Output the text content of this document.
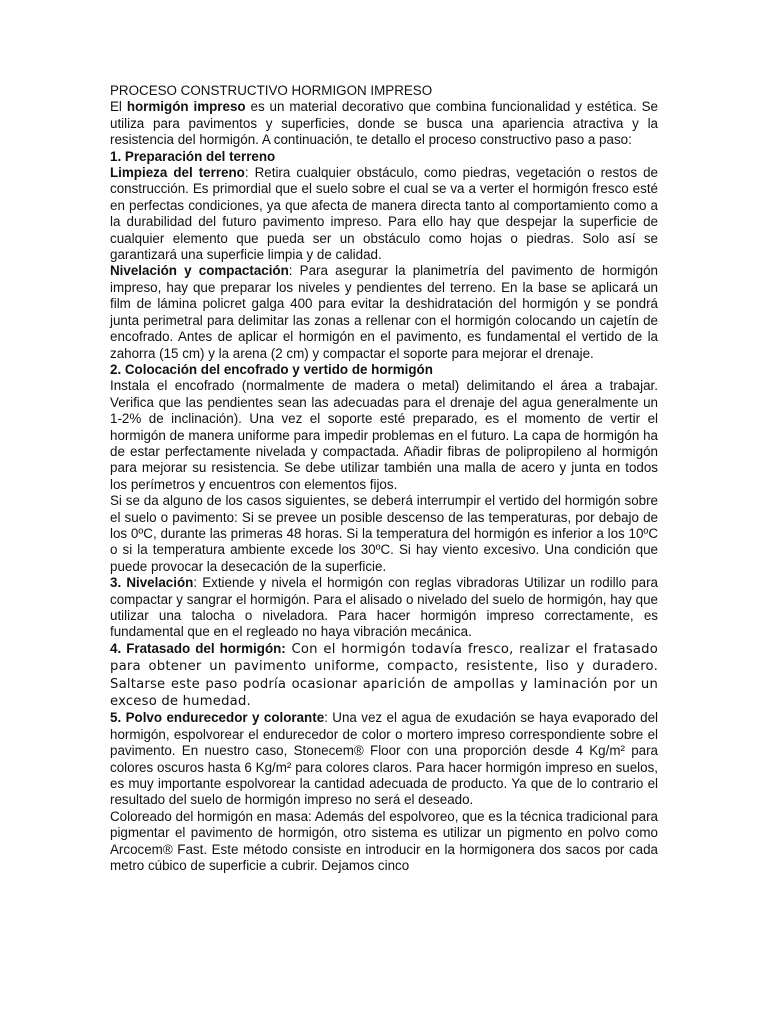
PROCESO CONSTRUCTIVO HORMIGON IMPRESO

El hormigón impreso es un material decorativo que combina funcionalidad y estética. Se utiliza para pavimentos y superficies, donde se busca una apariencia atractiva y la resistencia del hormigón. A continuación, te detallo el proceso constructivo paso a paso:

1. Preparación del terreno

Limpieza del terreno: Retira cualquier obstáculo, como piedras, vegetación o restos de construcción. Es primordial que el suelo sobre el cual se va a verter el hormigón fresco esté en perfectas condiciones, ya que afecta de manera directa tanto al comportamiento como a la durabilidad del futuro pavimento impreso. Para ello hay que despejar la superficie de cualquier elemento que pueda ser un obstáculo como hojas o piedras. Solo así se garantizará una superficie limpia y de calidad.

Nivelación y compactación: Para asegurar la planimetría del pavimento de hormigón impreso, hay que preparar los niveles y pendientes del terreno. En la base se aplicará un film de lámina policret galga 400 para evitar la deshidratación del hormigón y se pondrá junta perimetral para delimitar las zonas a rellenar con el hormigón colocando un cajetín de encofrado. Antes de aplicar el hormigón en el pavimento, es fundamental el vertido de la zahorra (15 cm) y la arena (2 cm) y compactar el soporte para mejorar el drenaje.

2. Colocación del encofrado y vertido de hormigón

Instala el encofrado (normalmente de madera o metal) delimitando el área a trabajar. Verifica que las pendientes sean las adecuadas para el drenaje del agua generalmente un 1-2% de inclinación). Una vez el soporte esté preparado, es el momento de vertir el hormigón de manera uniforme para impedir problemas en el futuro. La capa de hormigón ha de estar perfectamente nivelada y compactada. Añadir fibras de polipropileno al hormigón para mejorar su resistencia. Se debe utilizar también una malla de acero y junta en todos los perímetros y encuentros con elementos fijos.

Si se da alguno de los casos siguientes, se deberá interrumpir el vertido del hormigón sobre el suelo o pavimento: Si se prevee un posible descenso de las temperaturas, por debajo de los 0ºC, durante las primeras 48 horas. Si la temperatura del hormigón es inferior a los 10ºC o si la temperatura ambiente excede los 30ºC. Si hay viento excesivo. Una condición que puede provocar la desecación de la superficie.

3. Nivelación: Extiende y nivela el hormigón con reglas vibradoras Utilizar un rodillo para compactar y sangrar el hormigón. Para el alisado o nivelado del suelo de hormigón, hay que utilizar una talocha o niveladora. Para hacer hormigón impreso correctamente, es fundamental que en el regleado no haya vibración mecánica.

4. Fratasado del hormigón: Con el hormigón todavía fresco, realizar el fratasado para obtener un pavimento uniforme, compacto, resistente, liso y duradero. Saltarse este paso podría ocasionar aparición de ampollas y laminación por un exceso de humedad.

5. Polvo endurecedor y colorante: Una vez el agua de exudación se haya evaporado del hormigón, espolvorear el endurecedor de color o mortero impreso correspondiente sobre el pavimento. En nuestro caso, Stonecem® Floor con una proporción desde 4 Kg/m² para colores oscuros hasta 6 Kg/m² para colores claros. Para hacer hormigón impreso en suelos, es muy importante espolvorear la cantidad adecuada de producto. Ya que de lo contrario el resultado del suelo de hormigón impreso no será el deseado.

Coloreado del hormigón en masa: Además del espolvoreo, que es la técnica tradicional para pigmentar el pavimento de hormigón, otro sistema es utilizar un pigmento en polvo como Arcocem® Fast. Este método consiste en introducir en la hormigonera dos sacos por cada metro cúbico de superficie a cubrir. Dejamos cinco
